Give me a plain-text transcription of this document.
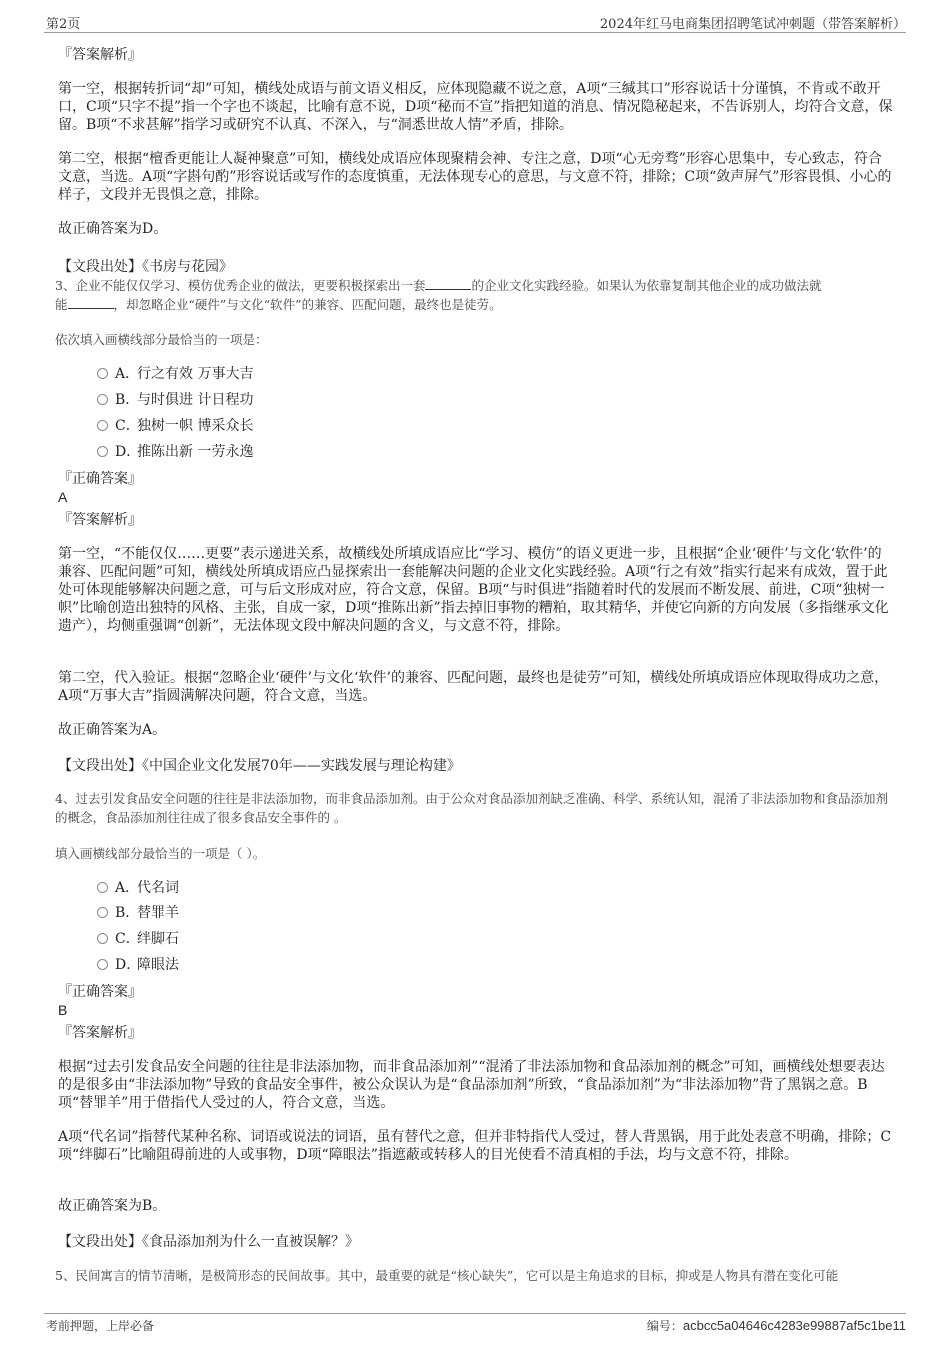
第2页	2024年红马电商集团招聘笔试冲刺题（带答案解析）

『答案解析』

第一空，根据转折词“却”可知，横线处成语与前文语义相反，应体现隐藏不说之意，A项“三缄其口”形容说话十分谨慎，不肯或不敢开口，C项“只字不提”指一个字也不谈起，比喻有意不说，D项“秘而不宣”指把知道的消息、情况隐秘起来，不告诉别人，均符合文意，保留。B项“不求甚解”指学习或研究不认真、不深入，与“洞悉世故人情”矛盾，排除。

第二空，根据“檀香更能让人凝神聚意”可知，横线处成语应体现聚精会神、专注之意，D项“心无旁骛”形容心思集中，专心致志，符合文意，当选。A项“字斟句酌”形容说话或写作的态度慎重，无法体现专心的意思，与文意不符，排除；C项“敛声屏气”形容畏惧、小心的样子，文段并无畏惧之意，排除。

故正确答案为D。

【文段出处】《书房与花园》
3、企业不能仅仅学习、模仿优秀企业的做法，更要积极探索出一套	的企业文化实践经验。如果认为依靠复制其他企业的成功做法就
能	，却忽略企业“硬件”与文化“软件”的兼容、匹配问题，最终也是徒劳。
依次填入画横线部分最恰当的一项是：
A．行之有效 万事大吉
B．与时俱进 计日程功
C．独树一帜 博采众长
D．推陈出新 一劳永逸

『正确答案』

A

『答案解析』

第一空，“不能仅仅……更要”表示递进关系，故横线处所填成语应比“学习、模仿”的语义更进一步，且根据“企业‘硬件’与文化‘软件’的兼容、匹配问题”可知，横线处所填成语应凸显探索出一套能解决问题的企业文化实践经验。A项“行之有效”指实行起来有成效，置于此处可体现能够解决问题之意，可与后文形成对应，符合文意，保留。B项“与时俱进”指随着时代的发展而不断发展、前进，C项“独树一帜”比喻创造出独特的风格、主张，自成一家，D项“推陈出新”指去掉旧事物的糟粕，取其精华，并使它向新的方向发展（多指继承文化遗产），均侧重强调“创新”，无法体现文段中解决问题的含义，与文意不符，排除。

第二空，代入验证。根据“忽略企业‘硬件’与文化‘软件’的兼容、匹配问题，最终也是徒劳”可知，横线处所填成语应体现取得成功之意，A项“万事大吉”指圆满解决问题，符合文意，当选。

故正确答案为A。

【文段出处】《中国企业文化发展70年——实践发展与理论构建》
4、过去引发食品安全问题的往往是非法添加物，而非食品添加剂。由于公众对食品添加剂缺乏准确、科学、系统认知，混淆了非法添加物和食品添加剂的概念，食品添加剂往往成了很多食品安全事件的 。
填入画横线部分最恰当的一项是（ ）。
A．代名词
B．替罪羊
C．绊脚石
D．障眼法

『正确答案』

B

『答案解析』

根据“过去引发食品安全问题的往往是非法添加物，而非食品添加剂”“混淆了非法添加物和食品添加剂的概念”可知，画横线处想要表达的是很多由“非法添加物”导致的食品安全事件，被公众误认为是“食品添加剂”所致，“食品添加剂”为“非法添加物”背了黑锅之意。B项“替罪羊”用于借指代人受过的人，符合文意，当选。

A项“代名词”指替代某种名称、词语或说法的词语，虽有替代之意，但并非特指代人受过，替人背黑锅，用于此处表意不明确，排除；C项“绊脚石”比喻阻碍前进的人或事物，D项“障眼法”指遮蔽或转移人的目光使看不清真相的手法，均与文意不符，排除。

故正确答案为B。

【文段出处】《食品添加剂为什么一直被误解？》
5、民间寓言的情节清晰，是极简形态的民间故事。其中，最重要的就是“核心缺失”，它可以是主角追求的目标，抑或是人物具有潜在变化可能
考前押题，上岸必备	编号：acbcc5a04646c4283e99887af5c1be11
